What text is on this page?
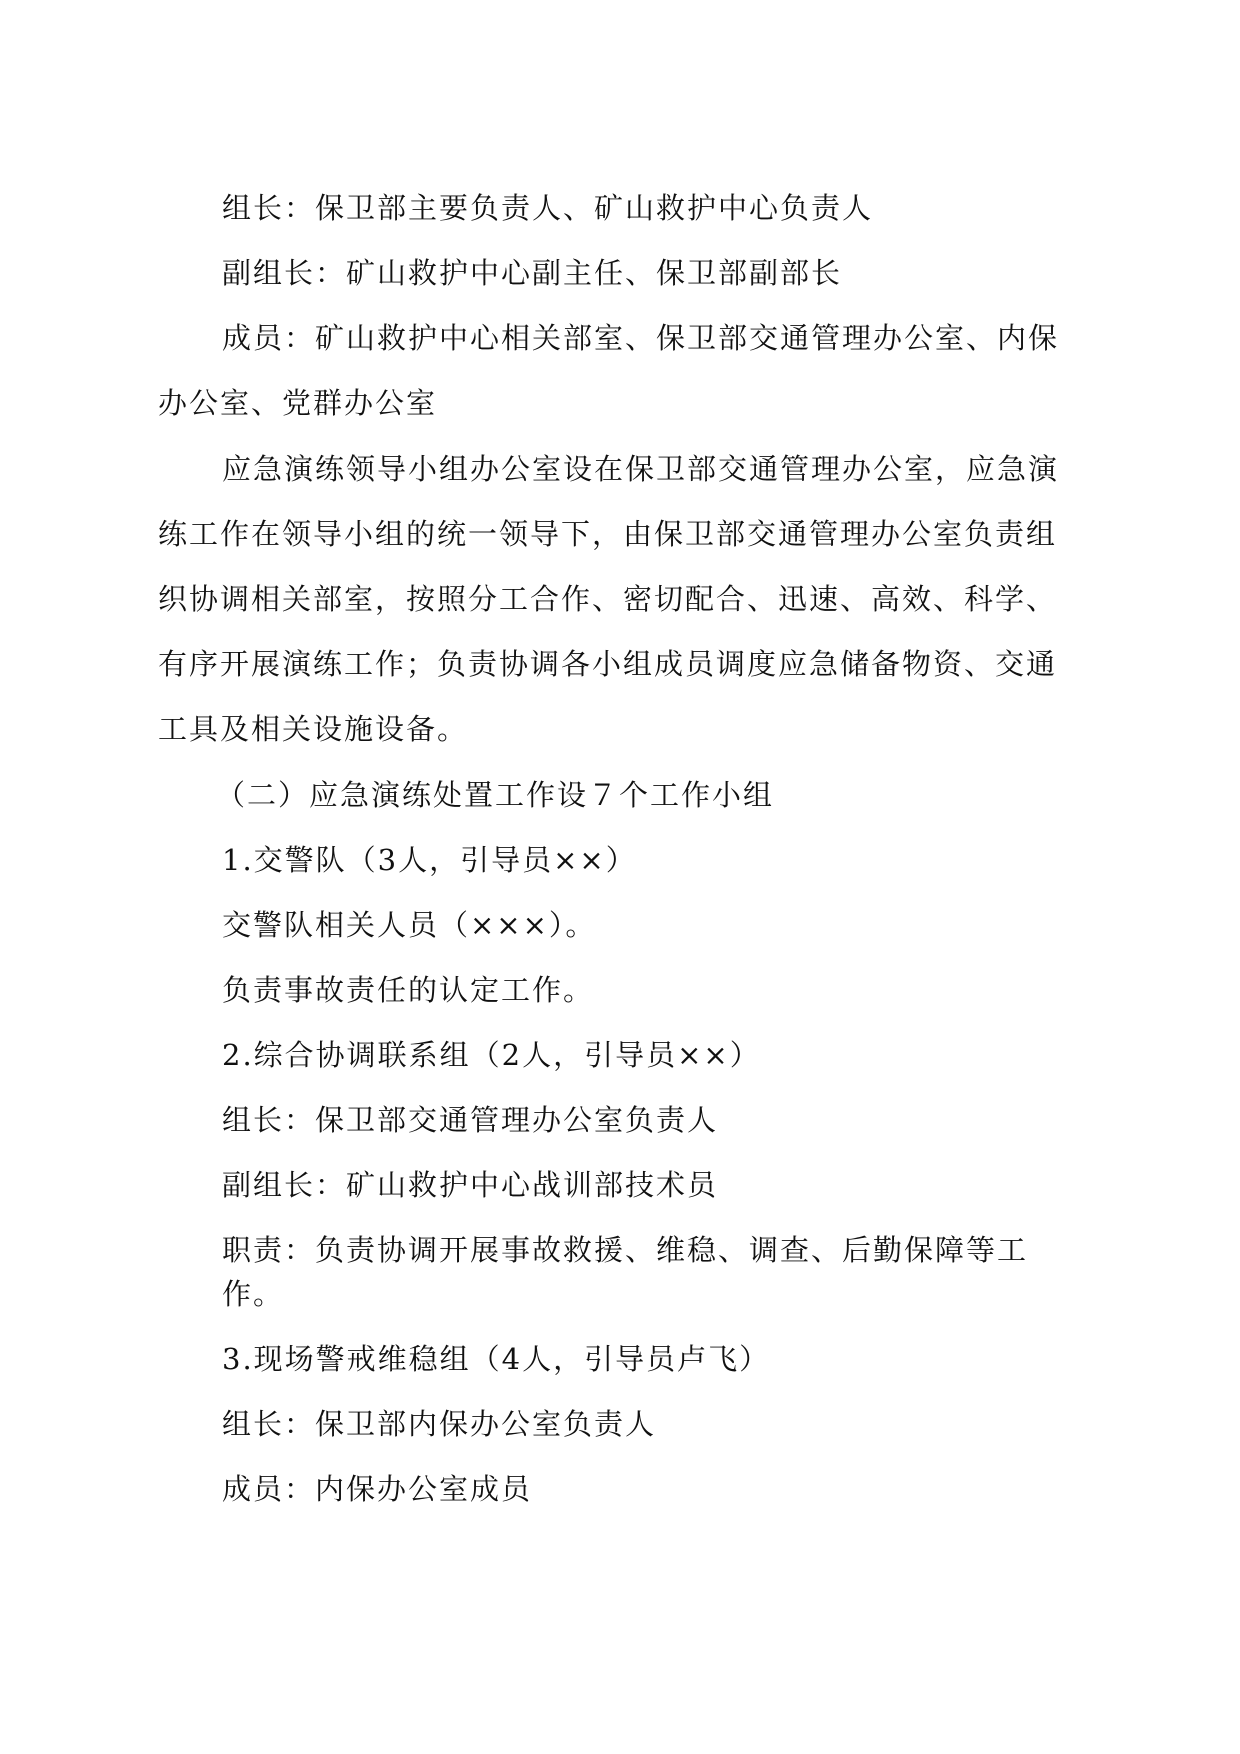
组长：保卫部主要负责人、矿山救护中心负责人

副组长：矿山救护中心副主任、保卫部副部长

成员：矿山救护中心相关部室、保卫部交通管理办公室、内保办公室、党群办公室

应急演练领导小组办公室设在保卫部交通管理办公室，应急演练工作在领导小组的统一领导下，由保卫部交通管理办公室负责组织协调相关部室，按照分工合作、密切配合、迅速、高效、科学、有序开展演练工作；负责协调各小组成员调度应急储备物资、交通工具及相关设施设备。

（二）应急演练处置工作设７个工作小组

1.交警队（3人，引导员××）

交警队相关人员（×××）。

负责事故责任的认定工作。

2.综合协调联系组（2人，引导员××）

组长：保卫部交通管理办公室负责人

副组长：矿山救护中心战训部技术员

职责：负责协调开展事故救援、维稳、调查、后勤保障等工作。

3.现场警戒维稳组（4人，引导员卢飞）

组长：保卫部内保办公室负责人

成员：内保办公室成员
